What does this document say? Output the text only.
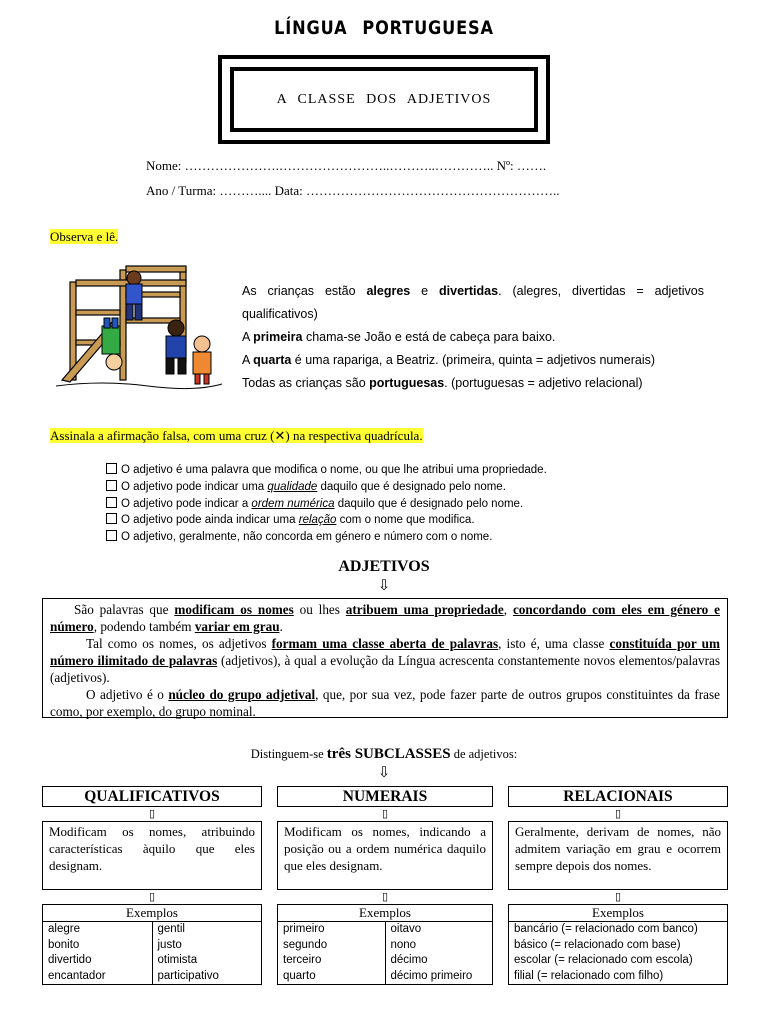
LÍNGUA PORTUGUESA
A CLASSE DOS ADJETIVOS
Nome: ………………….……………………..………..………….. Nº: …….
Ano / Turma: ……….... Data: …………………………………………………..
Observa e lê.
As crianças estão alegres e divertidas. (alegres, divertidas = adjetivos qualificativos)
A primeira chama-se João e está de cabeça para baixo.
A quarta é uma rapariga, a Beatriz. (primeira, quinta = adjetivos numerais)
Todas as crianças são portuguesas. (portuguesas = adjetivo relacional)
Assinala a afirmação falsa, com uma cruz (✕) na respectiva quadrícula.
O adjetivo é uma palavra que modifica o nome, ou que lhe atribui uma propriedade.
O adjetivo pode indicar uma qualidade daquilo que é designado pelo nome.
O adjetivo pode indicar a ordem numérica daquilo que é designado pelo nome.
O adjetivo pode ainda indicar uma relação com o nome que modifica.
O adjetivo, geralmente, não concorda em género e número com o nome.
ADJETIVOS
⇩
São palavras que modificam os nomes ou lhes atribuem uma propriedade, concordando com eles em género e número, podendo também variar em grau.
Tal como os nomes, os adjetivos formam uma classe aberta de palavras, isto é, uma classe constituída por um número ilimitado de palavras (adjetivos), à qual a evolução da Língua acrescenta constantemente novos elementos/palavras (adjetivos).
O adjetivo é o núcleo do grupo adjetival, que, por sua vez, pode fazer parte de outros grupos constituintes da frase como, por exemplo, do grupo nominal.
Distinguem-se três SUBCLASSES de adjetivos:
⇩
QUALIFICATIVOS
▯
Modificam os nomes, atribuindo características àquilo que eles designam.
▯
Exemplos
alegre
bonito
divertido
encantador
gentil
justo
otimista
participativo
NUMERAIS
▯
Modificam os nomes, indicando a posição ou a ordem numérica daquilo que eles designam.
▯
Exemplos
primeiro
segundo
terceiro
quarto
oitavo
nono
décimo
décimo primeiro
RELACIONAIS
▯
Geralmente, derivam de nomes, não admitem variação em grau e ocorrem sempre depois dos nomes.
▯
Exemplos
bancário (= relacionado com banco)
básico (= relacionado com base)
escolar (= relacionado com escola)
filial (= relacionado com filho)
